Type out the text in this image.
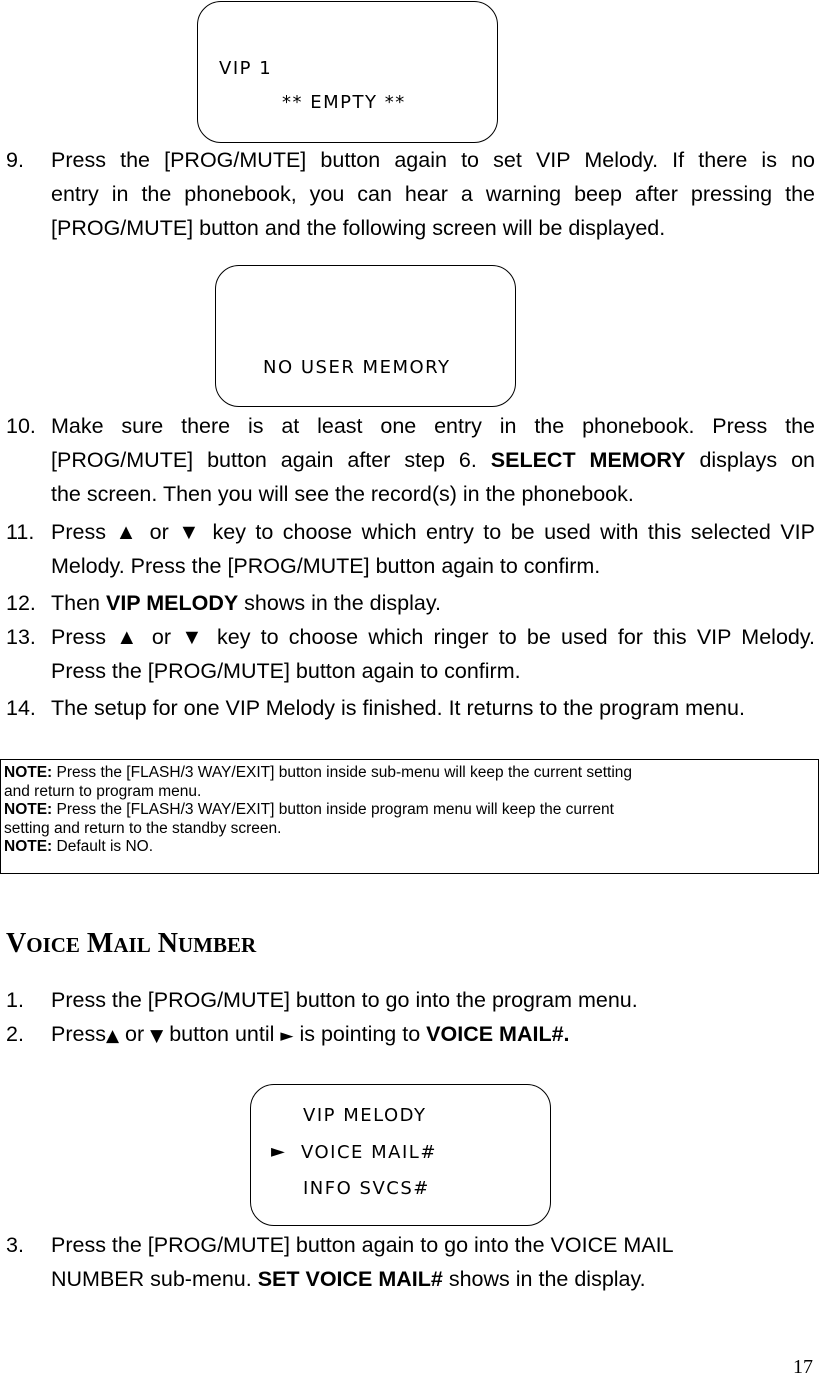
VIP 1
** EMPTY **
9. Press the [PROG/MUTE] button again to set VIP Melody. If there is no
entry in the phonebook, you can hear a warning beep after pressing the
[PROG/MUTE] button and the following screen will be displayed.
NO USER MEMORY
10. Make sure there is at least one entry in the phonebook. Press the
[PROG/MUTE] button again after step 6. SELECT MEMORY displays on
the screen. Then you will see the record(s) in the phonebook.
11. Press ▲ or ▼ key to choose which entry to be used with this selected VIP
Melody. Press the [PROG/MUTE] button again to confirm.
12. Then VIP MELODY shows in the display.
13. Press ▲ or ▼ key to choose which ringer to be used for this VIP Melody.
Press the [PROG/MUTE] button again to confirm.
14. The setup for one VIP Melody is finished. It returns to the program menu.

NOTE: Press the [FLASH/3 WAY/EXIT] button inside sub-menu will keep the current setting

and return to program menu.

NOTE: Press the [FLASH/3 WAY/EXIT] button inside program menu will keep the current

setting and return to the standby screen.

NOTE: Default is NO.

VOICE MAIL NUMBER
1. Press the [PROG/MUTE] button to go into the program menu.
2. Press▲ or ▼ button until ► is pointing to VOICE MAIL#.
VIP MELODY
► VOICE MAIL#
INFO SVCS#
3. Press the [PROG/MUTE] button again to go into the VOICE MAIL
NUMBER sub-menu. SET VOICE MAIL# shows in the display.
17
